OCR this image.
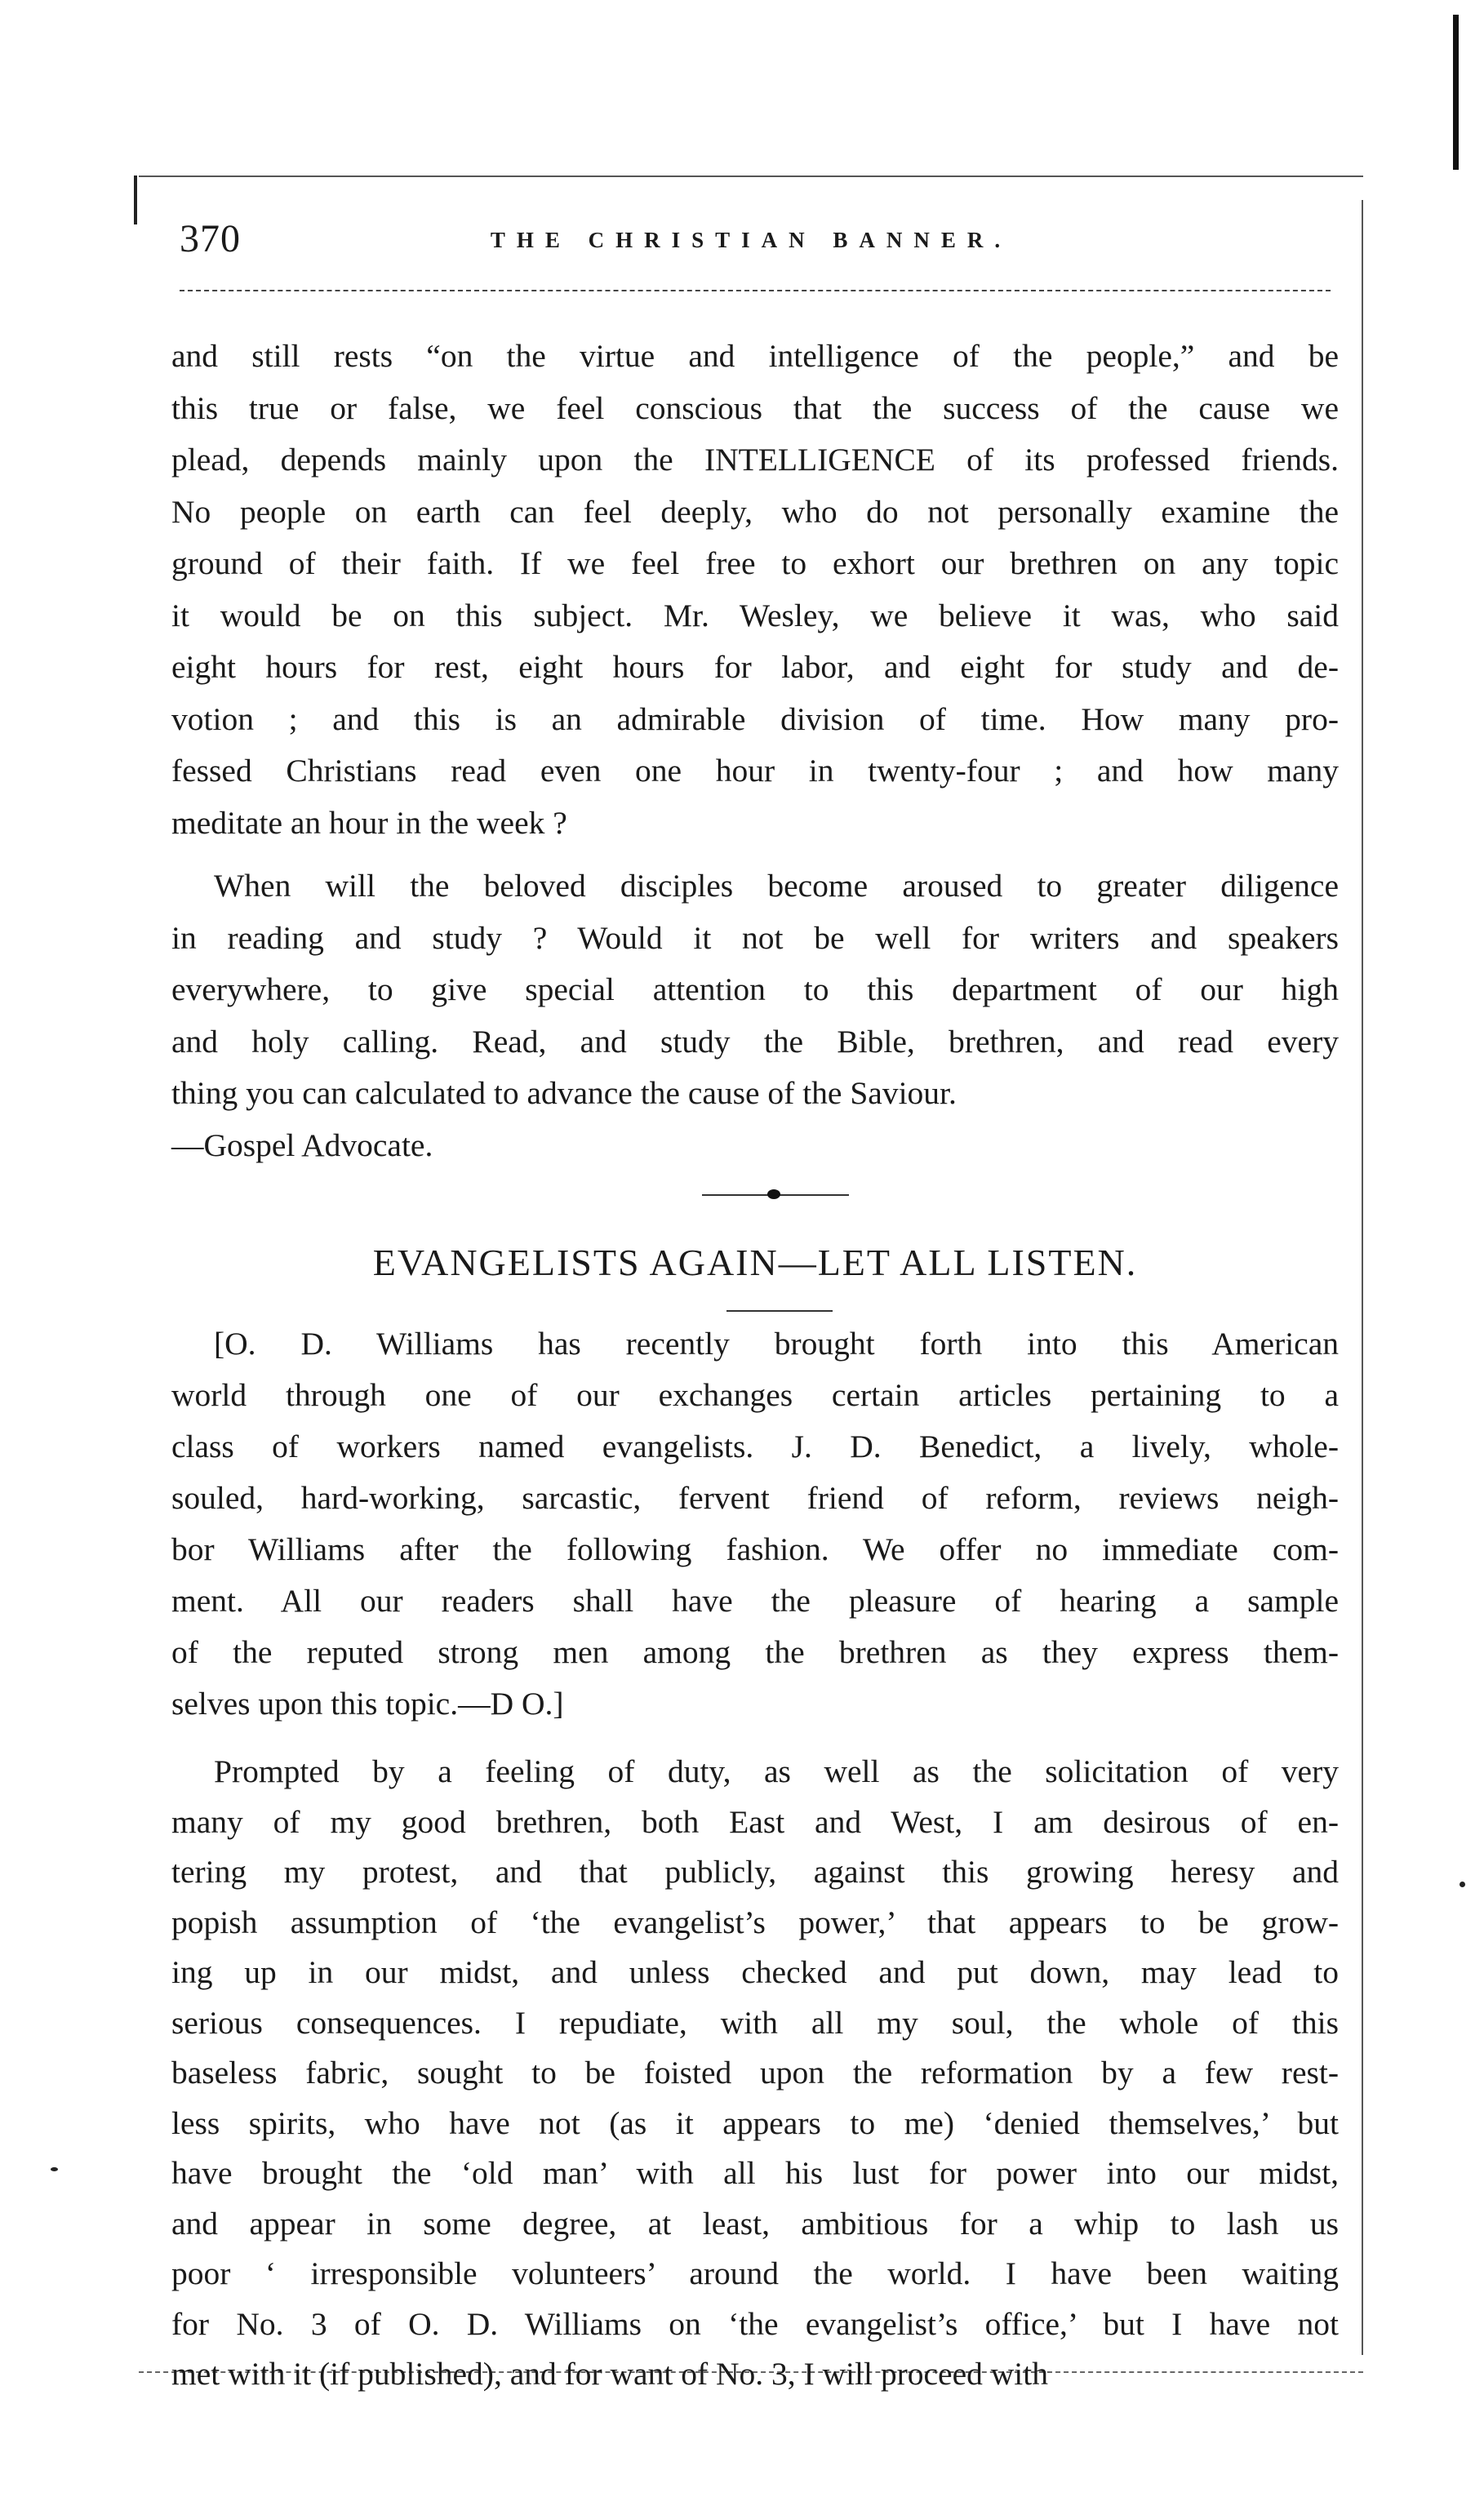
370	THE CHRISTIAN BANNER.

and still rests “on the virtue and intelligence of the people,” and be
this true or false, we feel conscious that the success of the cause we
plead, depends mainly upon the INTELLIGENCE of its professed friends.
No people on earth can feel deeply, who do not personally examine the
ground of their faith. If we feel free to exhort our brethren on any topic
it would be on this subject. Mr. Wesley, we believe it was, who said
eight hours for rest, eight hours for labor, and eight for study and de-
votion ; and this is an admirable division of time. How many pro-
fessed Christians read even one hour in twenty-four ; and how many
meditate an hour in the week ?

When will the beloved disciples become aroused to greater diligence
in reading and study ? Would it not be well for writers and speakers
everywhere, to give special attention to this department of our high
and holy calling. Read, and study the Bible, brethren, and read every
thing you can calculated to advance the cause of the Saviour.
—Gospel Advocate.

EVANGELISTS AGAIN—LET ALL LISTEN.

[O. D. Williams has recently brought forth into this American
world through one of our exchanges certain articles pertaining to a
class of workers named evangelists. J. D. Benedict, a lively, whole-
souled, hard-working, sarcastic, fervent friend of reform, reviews neigh-
bor Williams after the following fashion. We offer no immediate com-
ment. All our readers shall have the pleasure of hearing a sample
of the reputed strong men among the brethren as they express them-
selves upon this topic.—D O.]

Prompted by a feeling of duty, as well as the solicitation of very
many of my good brethren, both East and West, I am desirous of en-
tering my protest, and that publicly, against this growing heresy and
popish assumption of ‘the evangelist’s power,’ that appears to be grow-
ing up in our midst, and unless checked and put down, may lead to
serious consequences. I repudiate, with all my soul, the whole of this
baseless fabric, sought to be foisted upon the reformation by a few rest-
less spirits, who have not (as it appears to me) ‘denied themselves,’ but
have brought the ‘old man’ with all his lust for power into our midst,
and appear in some degree, at least, ambitious for a whip to lash us
poor ‘ irresponsible volunteers’ around the world. I have been waiting
for No. 3 of O. D. Williams on ‘the evangelist’s office,’ but I have not
met with it (if published), and for want of No. 3, I will proceed with
